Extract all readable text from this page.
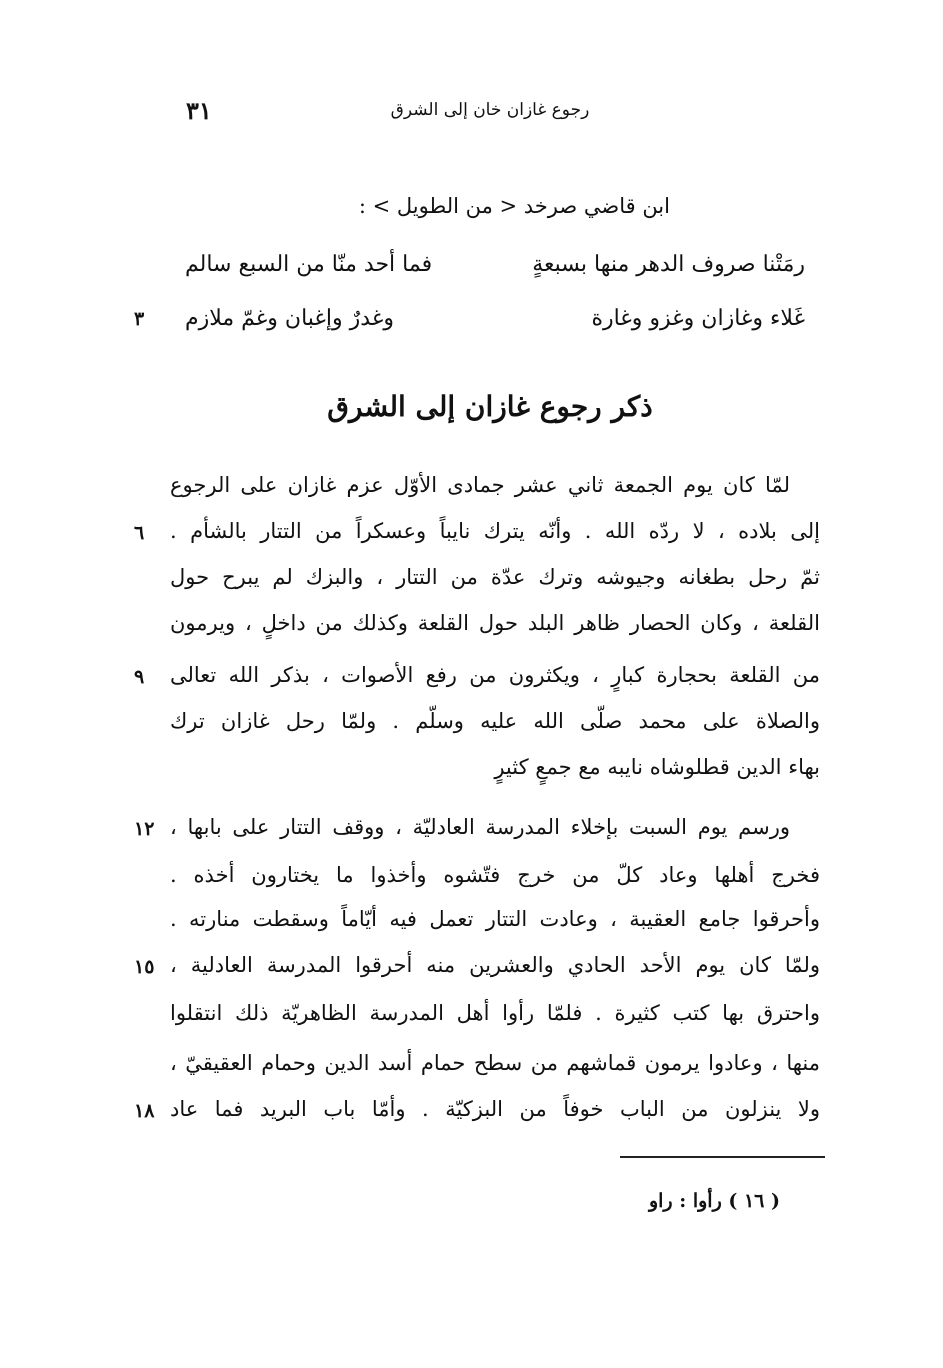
رجوع غازان خان إلى الشرق
٣١
ابن قاضي صرخد < من الطويل > :
رمَتْنا صروف الدهر منها بسبعةٍ
فما أحد منّا من السبع سالم
غَلاء وغازان وغزو وغارة
وغدرٌ وإغبان وغمّ ملازم
٣
ذكر رجوع غازان إلى الشرق
لمّا كان يوم الجمعة ثاني عشر جمادى الأوّل عزم غازان على الرجوع
إلى بلاده ، لا ردّه الله . وأنّه يترك نايباً وعسكراً من التتار بالشأم .
٦
ثمّ رحل بطغانه وجيوشه وترك عدّة من التتار ، والبزك لم يبرح حول
القلعة ، وكان الحصار ظاهر البلد حول القلعة وكذلك من داخلٍ ، ويرمون
من القلعة بحجارة كبارٍ ، ويكثرون من رفع الأصوات ، بذكر الله تعالى
٩
والصلاة على محمد صلّى الله عليه وسلّم . ولمّا رحل غازان ترك
بهاء الدين قطلوشاه نايبه مع جمعٍ كثيرٍ
ورسم يوم السبت بإخلاء المدرسة العادليّة ، ووقف التتار على بابها ،
١٢
فخرج أهلها وعاد كلّ من خرج فتّشوه وأخذوا ما يختارون أخذه .
وأحرقوا جامع العقيبة ، وعادت التتار تعمل فيه أيّاماً وسقطت منارته .
ولمّا كان يوم الأحد الحادي والعشرين منه أحرقوا المدرسة العادلية ،
١٥
واحترق بها كتب كثيرة . فلمّا رأوا أهل المدرسة الظاهريّة ذلك انتقلوا
منها ، وعادوا يرمون قماشهم من سطح حمام أسد الدين وحمام العقيقيّ ،
ولا ينزلون من الباب خوفاً من البزكيّة . وأمّا باب البريد فما عاد
١٨
( ١٦ ) رأوا : راو
